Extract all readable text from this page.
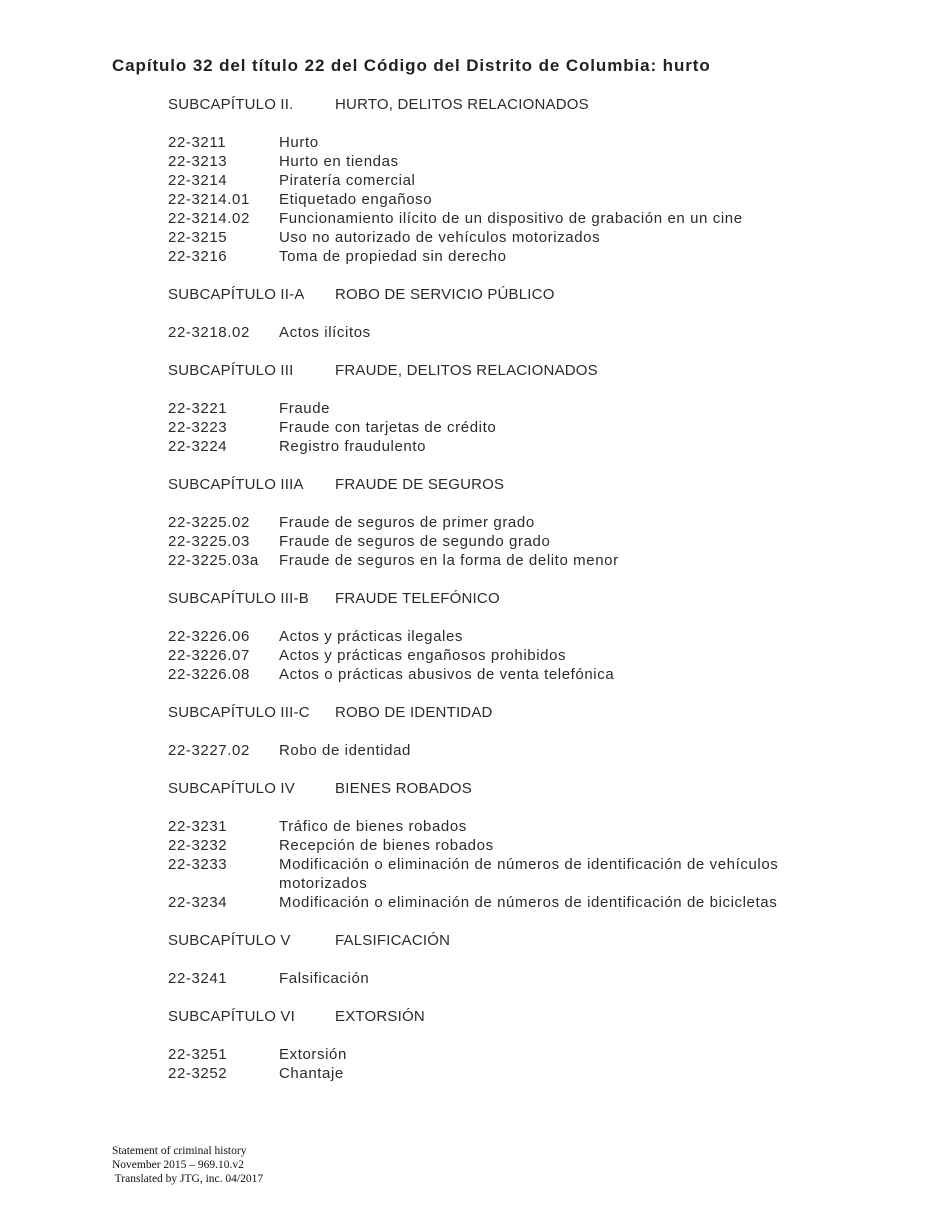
Capítulo 32 del título 22 del Código del Distrito de Columbia: hurto
SUBCAPÍTULO II.	HURTO, DELITOS RELACIONADOS
22-3211	Hurto
22-3213	Hurto en tiendas
22-3214	Piratería comercial
22-3214.01	Etiquetado engañoso
22-3214.02	Funcionamiento ilícito de un dispositivo de grabación en un cine
22-3215	Uso no autorizado de vehículos motorizados
22-3216	Toma de propiedad sin derecho
SUBCAPÍTULO II-A	ROBO DE SERVICIO PÚBLICO
22-3218.02	Actos ilícitos
SUBCAPÍTULO III	FRAUDE, DELITOS RELACIONADOS
22-3221	Fraude
22-3223	Fraude con tarjetas de crédito
22-3224	Registro fraudulento
SUBCAPÍTULO IIIA	FRAUDE DE SEGUROS
22-3225.02	Fraude de seguros de primer grado
22-3225.03	Fraude de seguros de segundo grado
22-3225.03a	Fraude de seguros en la forma de delito menor
SUBCAPÍTULO III-B	FRAUDE TELEFÓNICO
22-3226.06	Actos y prácticas ilegales
22-3226.07	Actos y prácticas engañosos prohibidos
22-3226.08	Actos o prácticas abusivos de venta telefónica
SUBCAPÍTULO III-C	ROBO DE IDENTIDAD
22-3227.02	Robo de identidad
SUBCAPÍTULO IV	BIENES ROBADOS
22-3231	Tráfico de bienes robados
22-3232	Recepción de bienes robados
22-3233	Modificación o eliminación de números de identificación de vehículos motorizados
22-3234	Modificación o eliminación de números de identificación de bicicletas
SUBCAPÍTULO V	FALSIFICACIÓN
22-3241	Falsificación
SUBCAPÍTULO VI	EXTORSIÓN
22-3251	Extorsión
22-3252	Chantaje
Statement of criminal history
November 2015 – 969.10.v2
Translated by JTG, inc. 04/2017
